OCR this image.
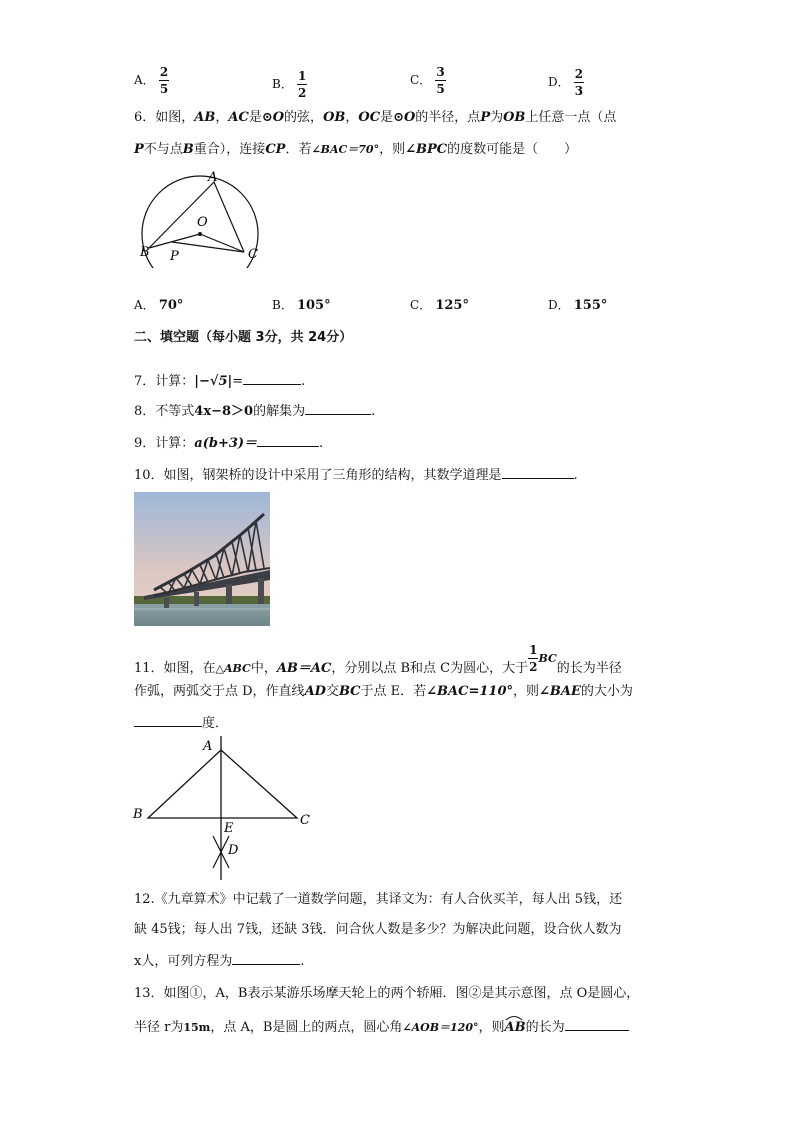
A． $\frac{2}{5}$	B． $\frac{1}{2}$	C． $\frac{3}{5}$	D． $\frac{2}{3}$
6．如图，AB，AC是⊙O的弦，OB，OC是⊙O的半径，点P为OB上任意一点（点
P不与点B重合），连接CP．若∠BAC＝70°，则∠BPC的度数可能是（　　）
A
O
B P	C
A． 70°	B． 105°	C． 125°	D． 155°
二、填空题（每小题 3分，共 24分）
7．计算：|−√5|=	.
8．不等式4x−8＞0的解集为	.
9．计算：a(b+3)＝	.
10．如图，钢架桥的设计中采用了三角形的结构，其数学道理是	.
11．如图，在△ABC中，AB＝AC，分别以点 B和点 C为圆心，大于 $\frac{1}{2} ^{BC}$的长为半径
作弧，两弧交于点 D，作直线AD交BC于点 E．若∠BAC=110°，则∠BAE的大小为
度．
A
B	C
E
D
12.《九章算术》中记载了一道数学问题，其译文为：有人合伙买羊，每人出 5钱，还
缺 45钱；每人出 7钱，还缺 3钱．问合伙人数是多少？为解决此问题，设合伙人数为
x人，可列方程为	.
13．如图①，A，B表示某游乐场摩天轮上的两个轿厢．图②是其示意图，点 O是圆心，
半径 r为15m，点 A，B是圆上的两点，圆心角∠AOB＝120°，则
AB的长为
